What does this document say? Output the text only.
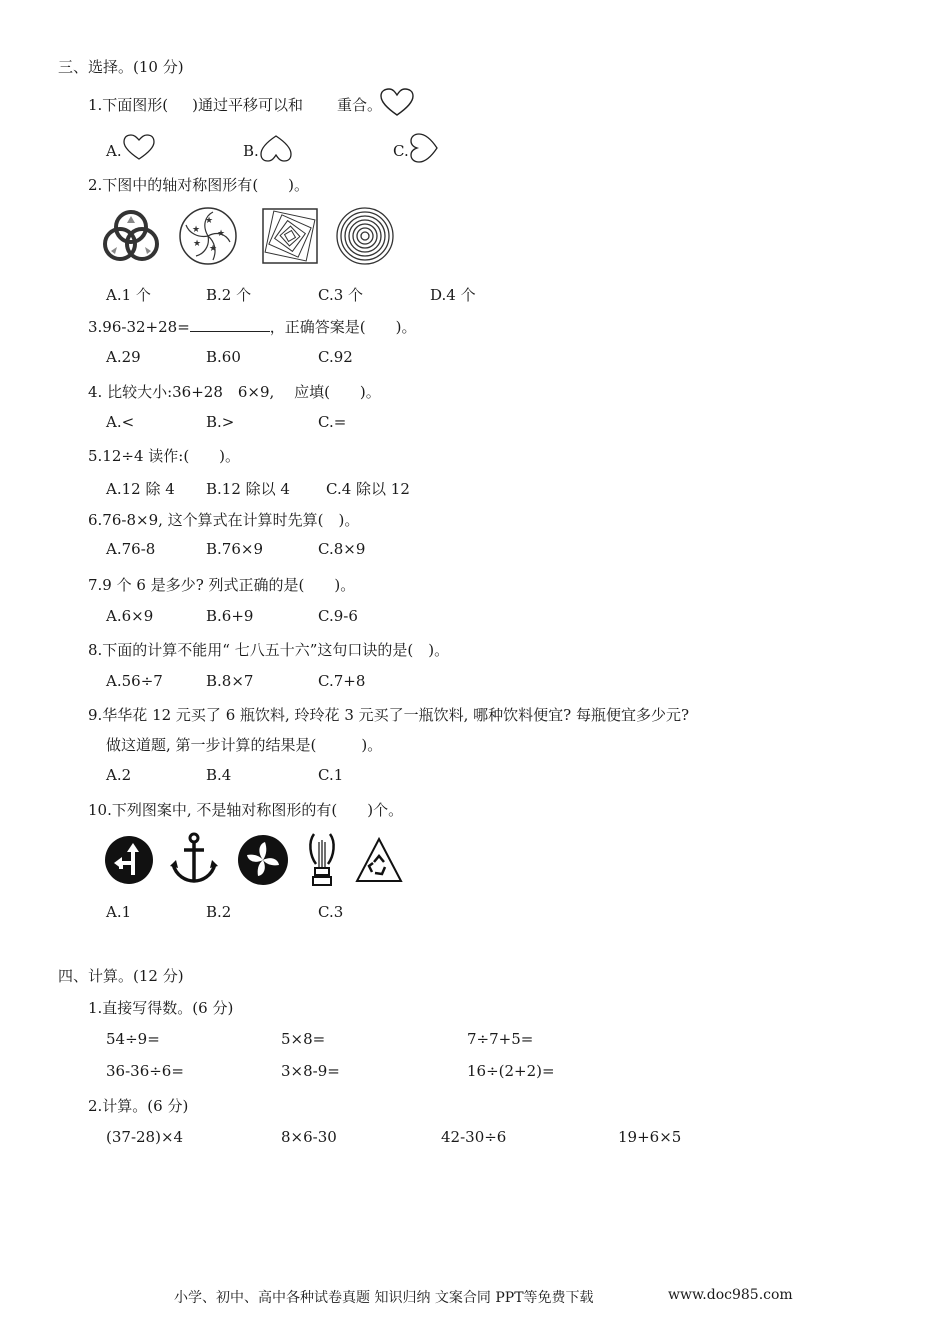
三、选择。(10 分)
1.下面图形( )通过平移可以和 重合。
A.	B.	C.
2.下图中的轴对称图形有(　　)。
★
★
★
★
★
A.1 个	B.2 个	C.3 个	D.4 个
3.96-32+28=	，正确答案是(　　)。
A.29	B.60	C.92
4. 比较大小:36+28　6×9, 　应填(　　)。
A.<	B.>	C.=
5.12÷4 读作:(　　)。
A.12 除 4 B.12 除以 4 C.4 除以 12
6.76-8×9, 这个算式在计算时先算(　)。
A.76-8	B.76×9	C.8×9
7.9 个 6 是多少? 列式正确的是(　　)。
A.6×9	B.6+9	C.9-6
8.下面的计算不能用“ 七八五十六”这句口诀的是(　)。
A.56÷7	B.8×7	C.7+8
9.华华花 12 元买了 6 瓶饮料, 玲玲花 3 元买了一瓶饮料, 哪种饮料便宜? 每瓶便宜多少元?
做这道题, 第一步计算的结果是(　　　)。
A.2	B.4	C.1
10.下列图案中, 不是轴对称图形的有(　　)个。
A.1	B.2	C.3
四、计算。(12 分)
1.直接写得数。(6 分)
54÷9=	5×8=	7÷7+5=
36-36÷6=	3×8-9=	16÷(2+2)=
2.计算。(6 分)
(37-28)×4	8×6-30	42-30÷6	19+6×5
小学、初中、高中各种试卷真题 知识归纳 文案合同 PPT等免费下载	www.doc985.com
